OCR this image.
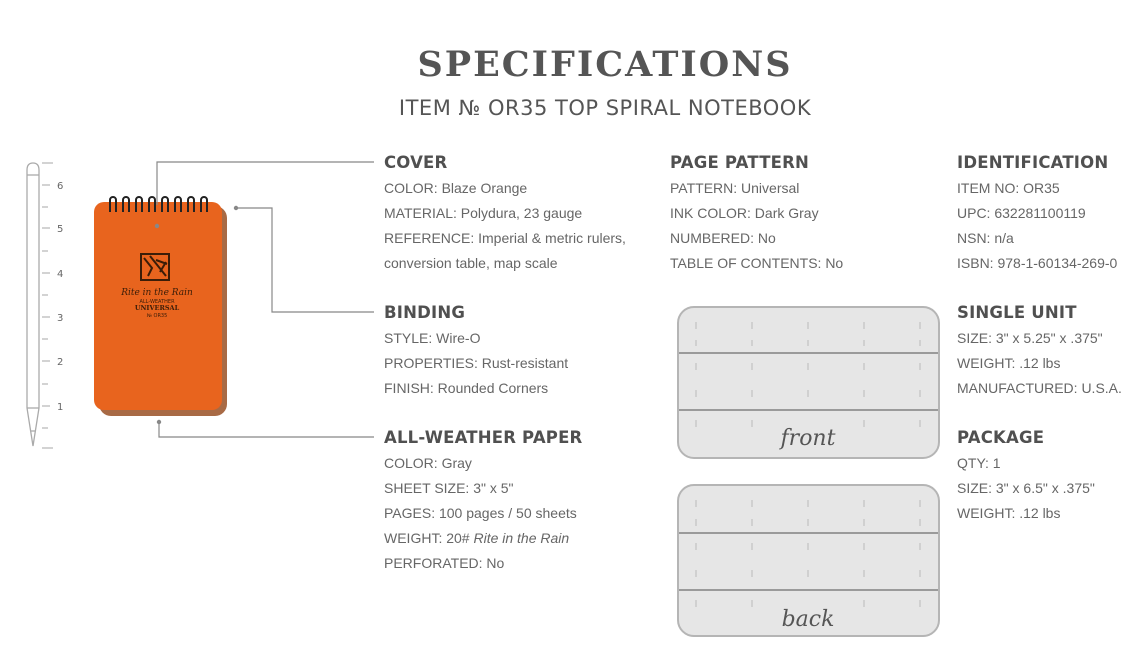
SPECIFICATIONS
ITEM № OR35 TOP SPIRAL NOTEBOOK
6
5
4
3
2
1
Rite in the Rain
ALL-WEATHER
UNIVERSAL
№ OR35
front
back
COVER
COLOR: Blaze Orange
MATERIAL: Polydura, 23 gauge
REFERENCE: Imperial & metric rulers, conversion table, map scale
BINDING
STYLE: Wire-O
PROPERTIES: Rust-resistant
FINISH: Rounded Corners
ALL-WEATHER PAPER
COLOR: Gray
SHEET SIZE: 3" x 5"
PAGES: 100 pages / 50 sheets
WEIGHT: 20# Rite in the Rain
PERFORATED: No
PAGE PATTERN
PATTERN: Universal
INK COLOR: Dark Gray
NUMBERED: No
TABLE OF CONTENTS: No
IDENTIFICATION
ITEM NO: OR35
UPC: 632281100119
NSN: n/a
ISBN: 978-1-60134-269-0
SINGLE UNIT
SIZE: 3" x 5.25" x .375"
WEIGHT: .12 lbs
MANUFACTURED: U.S.A.
PACKAGE
QTY: 1
SIZE: 3" x 6.5" x .375"
WEIGHT: .12 lbs
